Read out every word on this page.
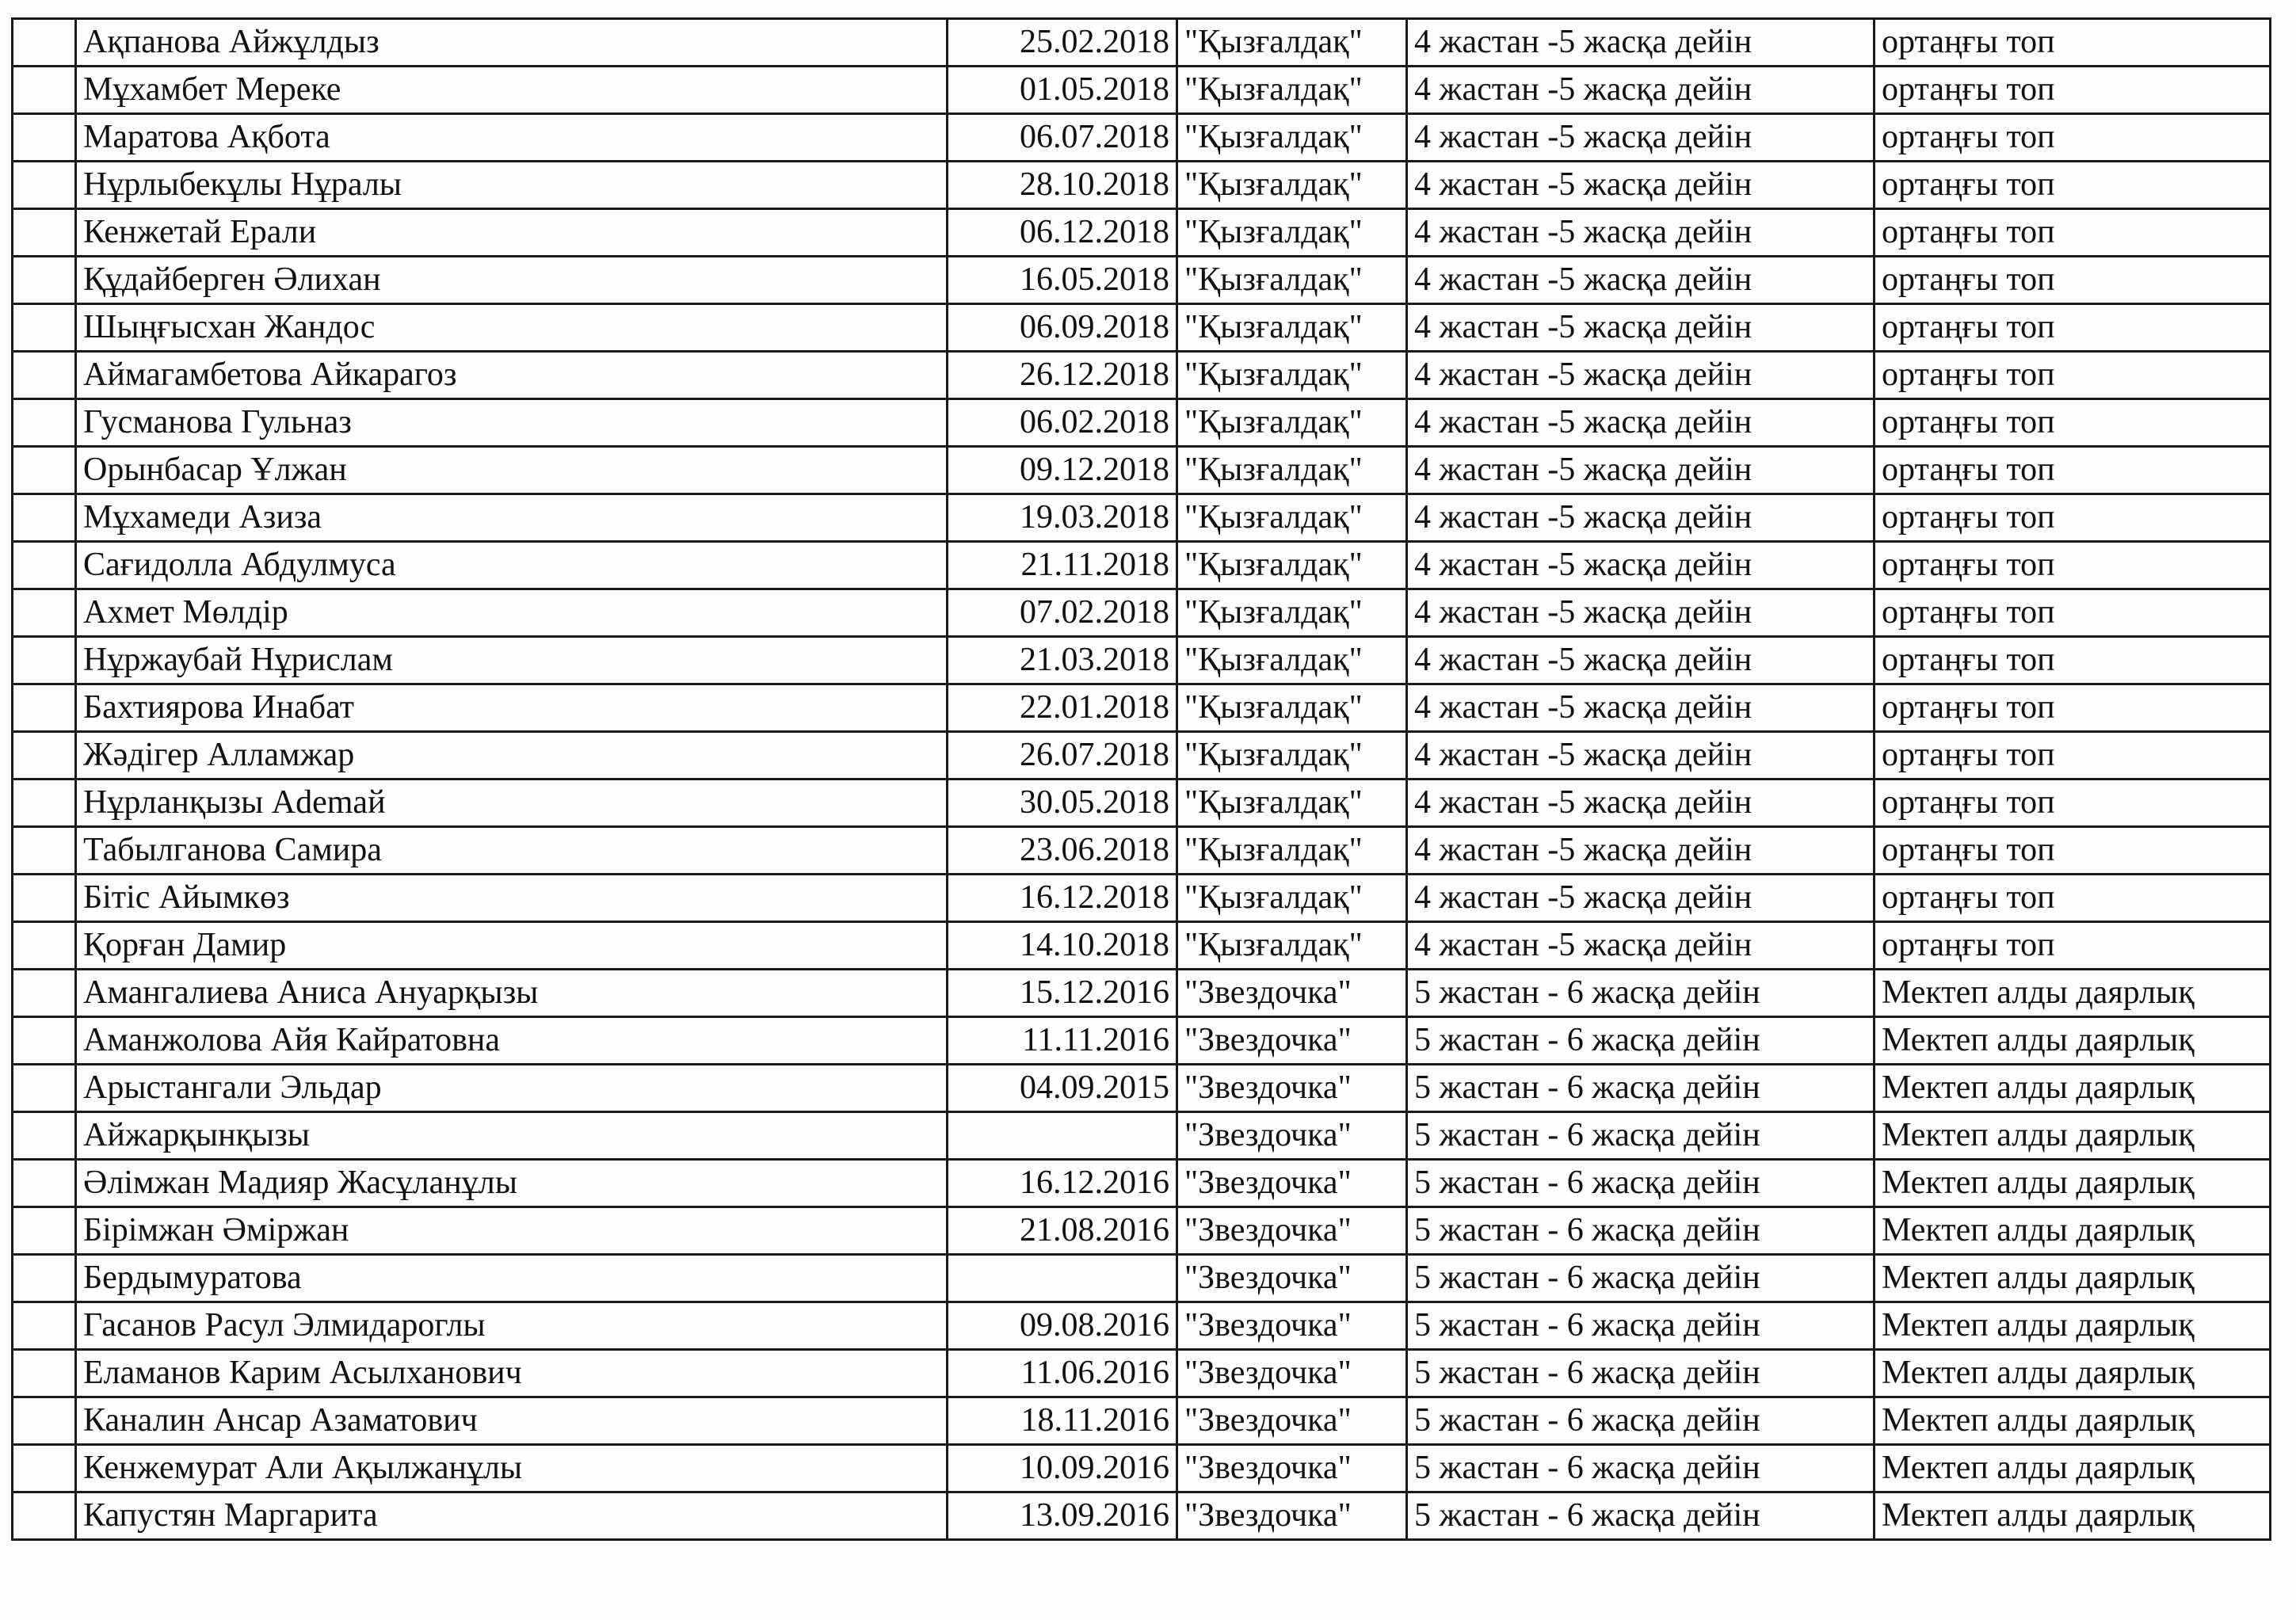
	Ақпанова Айжұлдыз	25.02.2018	"Қызғалдақ"	4 жастан -5 жасқа дейін	ортаңғы топ
	Мұхамбет Мереке	01.05.2018	"Қызғалдақ"	4 жастан -5 жасқа дейін	ортаңғы топ
	Маратова Ақбота	06.07.2018	"Қызғалдақ"	4 жастан -5 жасқа дейін	ортаңғы топ
	Нұрлыбекұлы Нұралы	28.10.2018	"Қызғалдақ"	4 жастан -5 жасқа дейін	ортаңғы топ
	Кенжетай Ерали	06.12.2018	"Қызғалдақ"	4 жастан -5 жасқа дейін	ортаңғы топ
	Құдайберген Әлихан	16.05.2018	"Қызғалдақ"	4 жастан -5 жасқа дейін	ортаңғы топ
	Шыңғысхан Жандос	06.09.2018	"Қызғалдақ"	4 жастан -5 жасқа дейін	ортаңғы топ
	Аймагамбетова Айкарагоз	26.12.2018	"Қызғалдақ"	4 жастан -5 жасқа дейін	ортаңғы топ
	Гусманова Гульназ	06.02.2018	"Қызғалдақ"	4 жастан -5 жасқа дейін	ортаңғы топ
	Орынбасар Ұлжан	09.12.2018	"Қызғалдақ"	4 жастан -5 жасқа дейін	ортаңғы топ
	Мұхамеди Азиза	19.03.2018	"Қызғалдақ"	4 жастан -5 жасқа дейін	ортаңғы топ
	Сағидолла Абдулмуса	21.11.2018	"Қызғалдақ"	4 жастан -5 жасқа дейін	ортаңғы топ
	Ахмет Мөлдір	07.02.2018	"Қызғалдақ"	4 жастан -5 жасқа дейін	ортаңғы топ
	Нұржаубай Нұрислам	21.03.2018	"Қызғалдақ"	4 жастан -5 жасқа дейін	ортаңғы топ
	Бахтиярова Инабат	22.01.2018	"Қызғалдақ"	4 жастан -5 жасқа дейін	ортаңғы топ
	Жәдігер Алламжар	26.07.2018	"Қызғалдақ"	4 жастан -5 жасқа дейін	ортаңғы топ
	Нұрланқызы Ademай	30.05.2018	"Қызғалдақ"	4 жастан -5 жасқа дейін	ортаңғы топ
	Табылганова Самира	23.06.2018	"Қызғалдақ"	4 жастан -5 жасқа дейін	ортаңғы топ
	Бітіс Айымкөз	16.12.2018	"Қызғалдақ"	4 жастан -5 жасқа дейін	ортаңғы топ
	Қорған Дамир	14.10.2018	"Қызғалдақ"	4 жастан -5 жасқа дейін	ортаңғы топ
	Амангалиева Аниса Ануарқызы	15.12.2016	"Звездочка"	5 жастан - 6 жасқа дейін	Мектеп алды даярлық
	Аманжолова Айя Кайратовна	11.11.2016	"Звездочка"	5 жастан - 6 жасқа дейін	Мектеп алды даярлық
	Арыстангали Эльдар	04.09.2015	"Звездочка"	5 жастан - 6 жасқа дейін	Мектеп алды даярлық
	Айжарқынқызы		"Звездочка"	5 жастан - 6 жасқа дейін	Мектеп алды даярлық
	Әлімжан Мадияр Жасұланұлы	16.12.2016	"Звездочка"	5 жастан - 6 жасқа дейін	Мектеп алды даярлық
	Бірімжан Әміржан	21.08.2016	"Звездочка"	5 жастан - 6 жасқа дейін	Мектеп алды даярлық
	Бердымуратова		"Звездочка"	5 жастан - 6 жасқа дейін	Мектеп алды даярлық
	Гасанов Расул Элмидарoглы	09.08.2016	"Звездочка"	5 жастан - 6 жасқа дейін	Мектеп алды даярлық
	Еламанов Карим Асылханович	11.06.2016	"Звездочка"	5 жастан - 6 жасқа дейін	Мектеп алды даярлық
	Каналин Ансар Азаматович	18.11.2016	"Звездочка"	5 жастан - 6 жасқа дейін	Мектеп алды даярлық
	Кенжемурат Али Ақылжанұлы	10.09.2016	"Звездочка"	5 жастан - 6 жасқа дейін	Мектеп алды даярлық
	Капустян Маргарита	13.09.2016	"Звездочка"	5 жастан - 6 жасқа дейін	Мектеп алды даярлық
